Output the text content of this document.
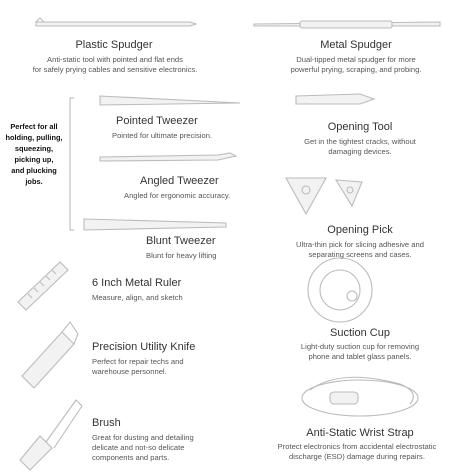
Perfect for all
holding, pulling,
squeezing,
picking up,
and plucking
jobs.
Plastic Spudger
Anti-static tool with pointed and flat ends
for safely prying cables and sensitive electronics.
Metal Spudger
Dual-tipped metal spudger for more
powerful prying, scraping, and probing.
Pointed Tweezer
Pointed for ultimate precision.
Opening Tool
Get in the tightest cracks, without
damaging devices.
Angled Tweezer
Angled for ergonomic accuracy.
Blunt Tweezer
Blunt for heavy lifting
Opening Pick
Ultra-thin pick for slicing adhesive and
separating screens and cases.
6 Inch Metal Ruler
Measure, align, and sketch
Suction Cup
Light-duty suction cup for removing
phone and tablet glass panels.
Precision Utility Knife
Perfect for repair techs and
warehouse personnel.
Anti-Static Wrist Strap
Protect electronics from accidental electrostatic
discharge (ESD) damage during repairs.
Brush
Great for dusting and detailing
delicate and not-so delicate
components and parts.
